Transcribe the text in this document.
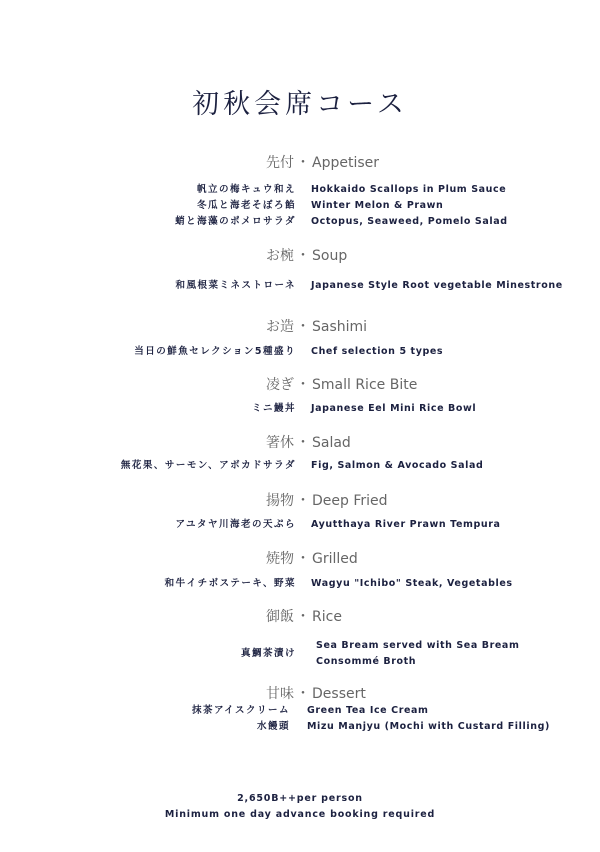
初秋会席コース
先付 ・ Appetiser
帆立の梅キュウ和え Hokkaido Scallops in Plum Sauce
冬瓜と海老そぼろ餡 Winter Melon & Prawn
蛸と海藻のポメロサラダ Octopus, Seaweed, Pomelo Salad
お椀 ・ Soup
和風根菜ミネストローネ Japanese Style Root vegetable Minestrone
お造 ・ Sashimi
当日の鮮魚セレクション5種盛り Chef selection 5 types
凌ぎ ・ Small Rice Bite
ミニ鰻丼 Japanese Eel Mini Rice Bowl
箸休 ・ Salad
無花果、サーモン、アボカドサラダ Fig, Salmon & Avocado Salad
揚物 ・ Deep Fried
アユタヤ川海老の天ぷら Ayutthaya River Prawn Tempura
焼物 ・ Grilled
和牛イチボステーキ、野菜 Wagyu "Ichibo" Steak, Vegetables
御飯 ・ Rice
真鯛茶漬け
Sea Bream served with Sea Bream
Consommé Broth
甘味 ・ Dessert
抹茶アイスクリーム Green Tea Ice Cream
水饅頭 Mizu Manjyu (Mochi with Custard Filling)
2,650B++per person
Minimum one day advance booking required
